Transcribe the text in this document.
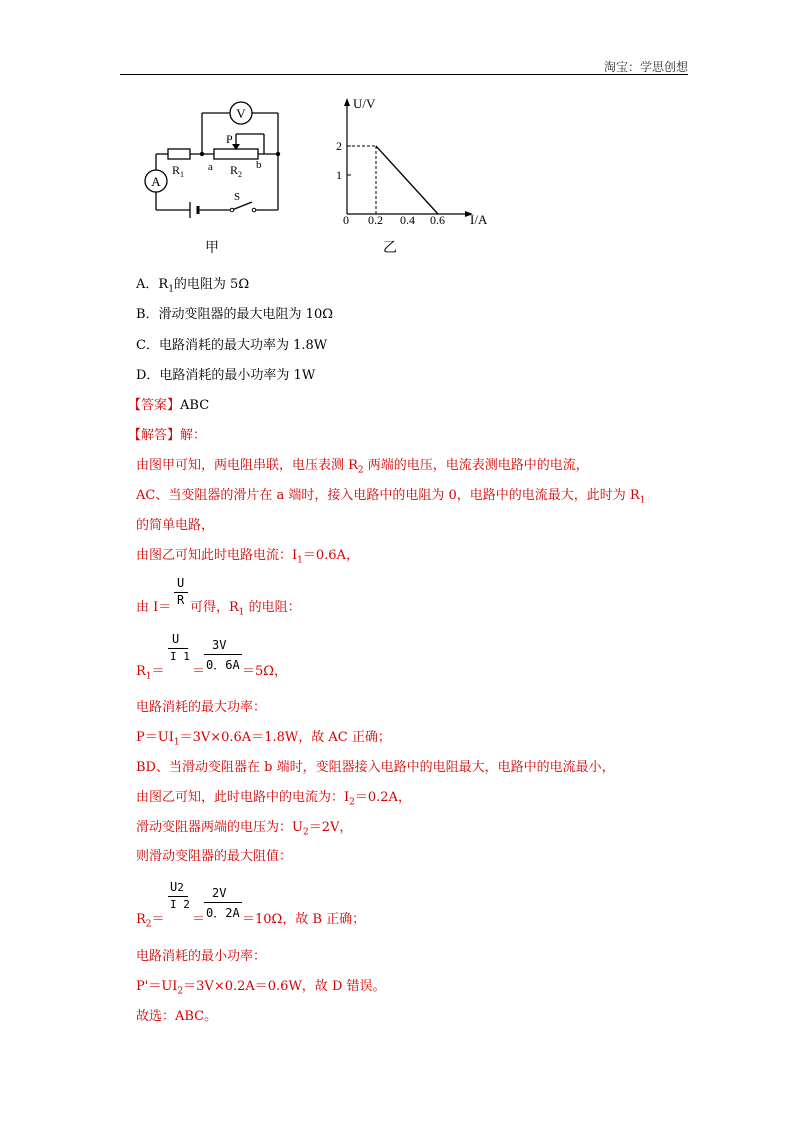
淘宝：学思创想
V
A
$R_1$
P
$R_2$
a	b
S
甲
U/V
I/A
1
2
0 0.2 0.4 0.6
乙
A．$R_1$的电阻为 5Ω
B．滑动变阻器的最大电阻为 10Ω
C．电路消耗的最大功率为 1.8W
D．电路消耗的最小功率为 1W
【答案】ABC
【解答】解：
由图甲可知，两电阻串联，电压表测 $R_2$ 两端的电压，电流表测电路中的电流，
AC、当变阻器的滑片在 a 端时，接入电路中的电阻为 0，电路中的电流最大，此时为 $R_1$
的简单电路，
由图乙可知此时电路电流：$I_1=0.6A$，
U
R
由 I＝ 可得，$R_1$ 的电阻：
U
I 1
3V
$R_1= = 0$．6A ＝5Ω，
电路消耗的最大功率：
$P=UI_1=3V\times 0.6A=1.8W$，故 AC 正确；
BD、当滑动变阻器在 b 端时，变阻器接入电路中的电阻最大，电路中的电流最小，
由图乙可知，此时电路中的电流为：$I_2=0.2A$，
滑动变阻器两端的电压为：$U_2=2V$，
则滑动变阻器的最大阻值：
U2
I 2
2V
$R_2= = 0$．2A ＝10Ω，故 B 正确；
电路消耗的最小功率：
$P'=UI_2=3V\times 0.2A=0.6W$，故 D 错误。
故选：ABC。
